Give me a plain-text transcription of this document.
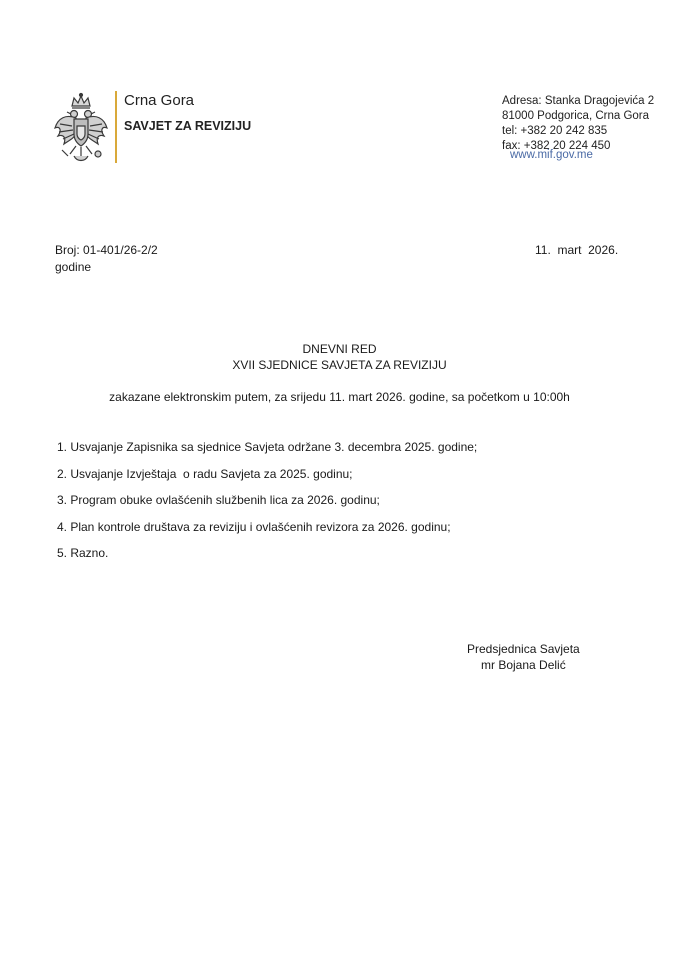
Crna Gora
SAVJET ZA REVIZIJU
Adresa: Stanka Dragojevića 2
81000 Podgorica, Crna Gora
tel: +382 20 242 835
fax: +382 20 224 450
www.mif.gov.me
Broj: 01-401/26-2/2
godine
11.  mart  2026.
DNEVNI RED
XVII SJEDNICE SAVJETA ZA REVIZIJU
zakazane elektronskim putem, za srijedu 11. mart 2026. godine, sa početkom u 10:00h
1. Usvajanje Zapisnika sa sjednice Savjeta održane 3. decembra 2025. godine;
2. Usvajanje Izvještaja  o radu Savjeta za 2025. godinu;
3. Program obuke ovlašćenih službenih lica za 2026. godinu;
4. Plan kontrole društava za reviziju i ovlašćenih revizora za 2026. godinu;
5. Razno.
Predsjednica Savjeta
mr Bojana Delić
